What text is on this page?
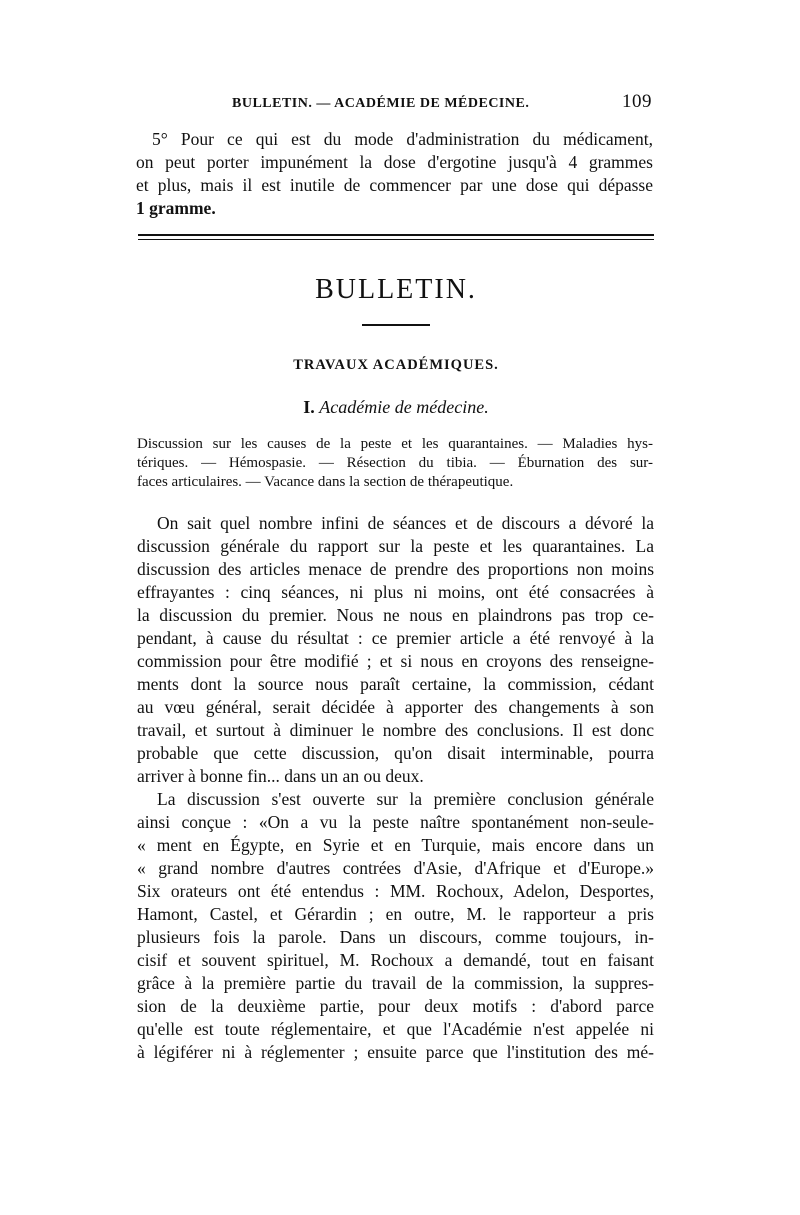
BULLETIN. — ACADÉMIE DE MÉDECINE.	109
5° Pour ce qui est du mode d'administration du médicament,
on peut porter impunément la dose d'ergotine jusqu'à 4 grammes
et plus, mais il est inutile de commencer par une dose qui dépasse
1 gramme.
BULLETIN.
TRAVAUX ACADÉMIQUES.
I. Académie de médecine.
Discussion sur les causes de la peste et les quarantaines. — Maladies hys-
tériques. — Hémospasie. — Résection du tibia. — Éburnation des sur-
faces articulaires. — Vacance dans la section de thérapeutique.
On sait quel nombre infini de séances et de discours a dévoré la
discussion générale du rapport sur la peste et les quarantaines. La
discussion des articles menace de prendre des proportions non moins
effrayantes : cinq séances, ni plus ni moins, ont été consacrées à
la discussion du premier. Nous ne nous en plaindrons pas trop ce-
pendant, à cause du résultat : ce premier article a été renvoyé à la
commission pour être modifié ; et si nous en croyons des renseigne-
ments dont la source nous paraît certaine, la commission, cédant
au vœu général, serait décidée à apporter des changements à son
travail, et surtout à diminuer le nombre des conclusions. Il est donc
probable que cette discussion, qu'on disait interminable, pourra
arriver à bonne fin... dans un an ou deux.
La discussion s'est ouverte sur la première conclusion générale
ainsi conçue : «On a vu la peste naître spontanément non-seule-
« ment en Égypte, en Syrie et en Turquie, mais encore dans un
« grand nombre d'autres contrées d'Asie, d'Afrique et d'Europe.»
Six orateurs ont été entendus : MM. Rochoux, Adelon, Desportes,
Hamont, Castel, et Gérardin ; en outre, M. le rapporteur a pris
plusieurs fois la parole. Dans un discours, comme toujours, in-
cisif et souvent spirituel, M. Rochoux a demandé, tout en faisant
grâce à la première partie du travail de la commission, la suppres-
sion de la deuxième partie, pour deux motifs : d'abord parce
qu'elle est toute réglementaire, et que l'Académie n'est appelée ni
à légiférer ni à réglementer ; ensuite parce que l'institution des mé-
